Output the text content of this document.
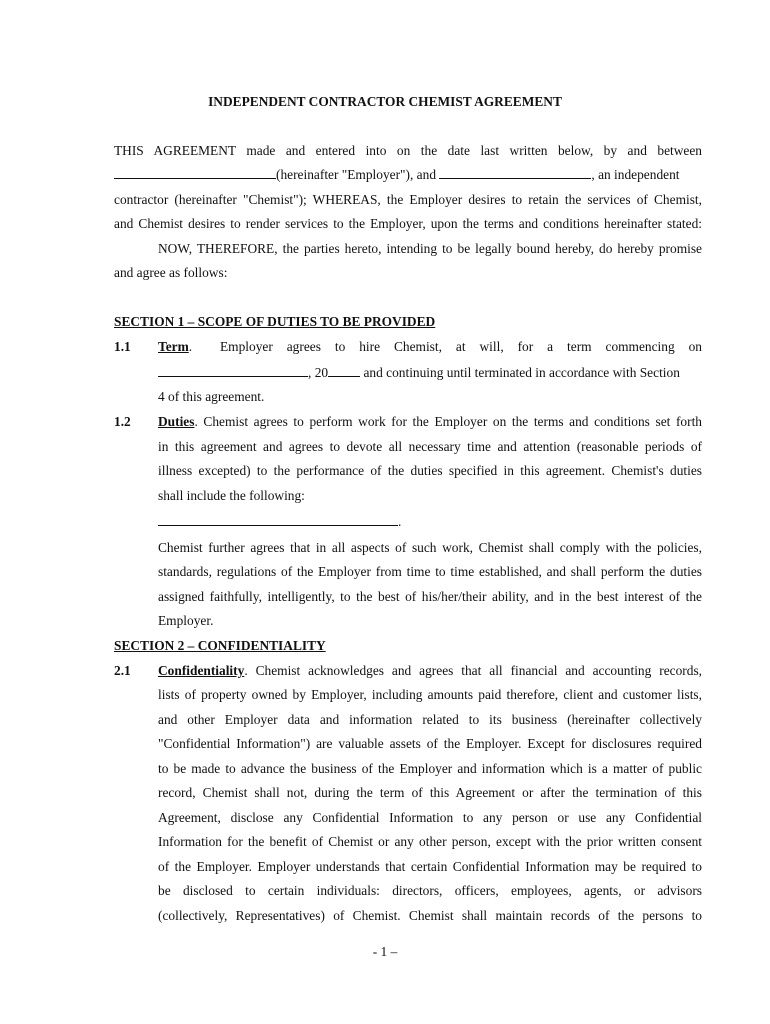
INDEPENDENT CONTRACTOR CHEMIST AGREEMENT
THIS AGREEMENT made and entered into on the date last written below, by and between
(hereinafter "Employer"), and	, an independent
contractor (hereinafter "Chemist"); WHEREAS, the Employer desires to retain the services of Chemist,
and Chemist desires to render services to the Employer, upon the terms and conditions hereinafter stated:
NOW, THEREFORE, the parties hereto, intending to be legally bound hereby, do hereby promise
and agree as follows:
SECTION 1 – SCOPE OF DUTIES TO BE PROVIDED
1.1 Term. Employer agrees to hire Chemist, at will, for a term commencing on
, 20	and continuing until terminated in accordance with Section
4 of this agreement.
1.2 Duties. Chemist agrees to perform work for the Employer on the terms and conditions set forth
in this agreement and agrees to devote all necessary time and attention (reasonable periods of
illness excepted) to the performance of the duties specified in this agreement. Chemist's duties
shall include the following:
.
Chemist further agrees that in all aspects of such work, Chemist shall comply with the policies,
standards, regulations of the Employer from time to time established, and shall perform the duties
assigned faithfully, intelligently, to the best of his/her/their ability, and in the best interest of the
Employer.
SECTION 2 – CONFIDENTIALITY
2.1 Confidentiality. Chemist acknowledges and agrees that all financial and accounting records,
lists of property owned by Employer, including amounts paid therefore, client and customer lists,
and other Employer data and information related to its business (hereinafter collectively
"Confidential Information") are valuable assets of the Employer. Except for disclosures required
to be made to advance the business of the Employer and information which is a matter of public
record, Chemist shall not, during the term of this Agreement or after the termination of this
Agreement, disclose any Confidential Information to any person or use any Confidential
Information for the benefit of Chemist or any other person, except with the prior written consent
of the Employer. Employer understands that certain Confidential Information may be required to
be disclosed to certain individuals: directors, officers, employees, agents, or advisors
(collectively, Representatives) of Chemist. Chemist shall maintain records of the persons to
- 1 –
